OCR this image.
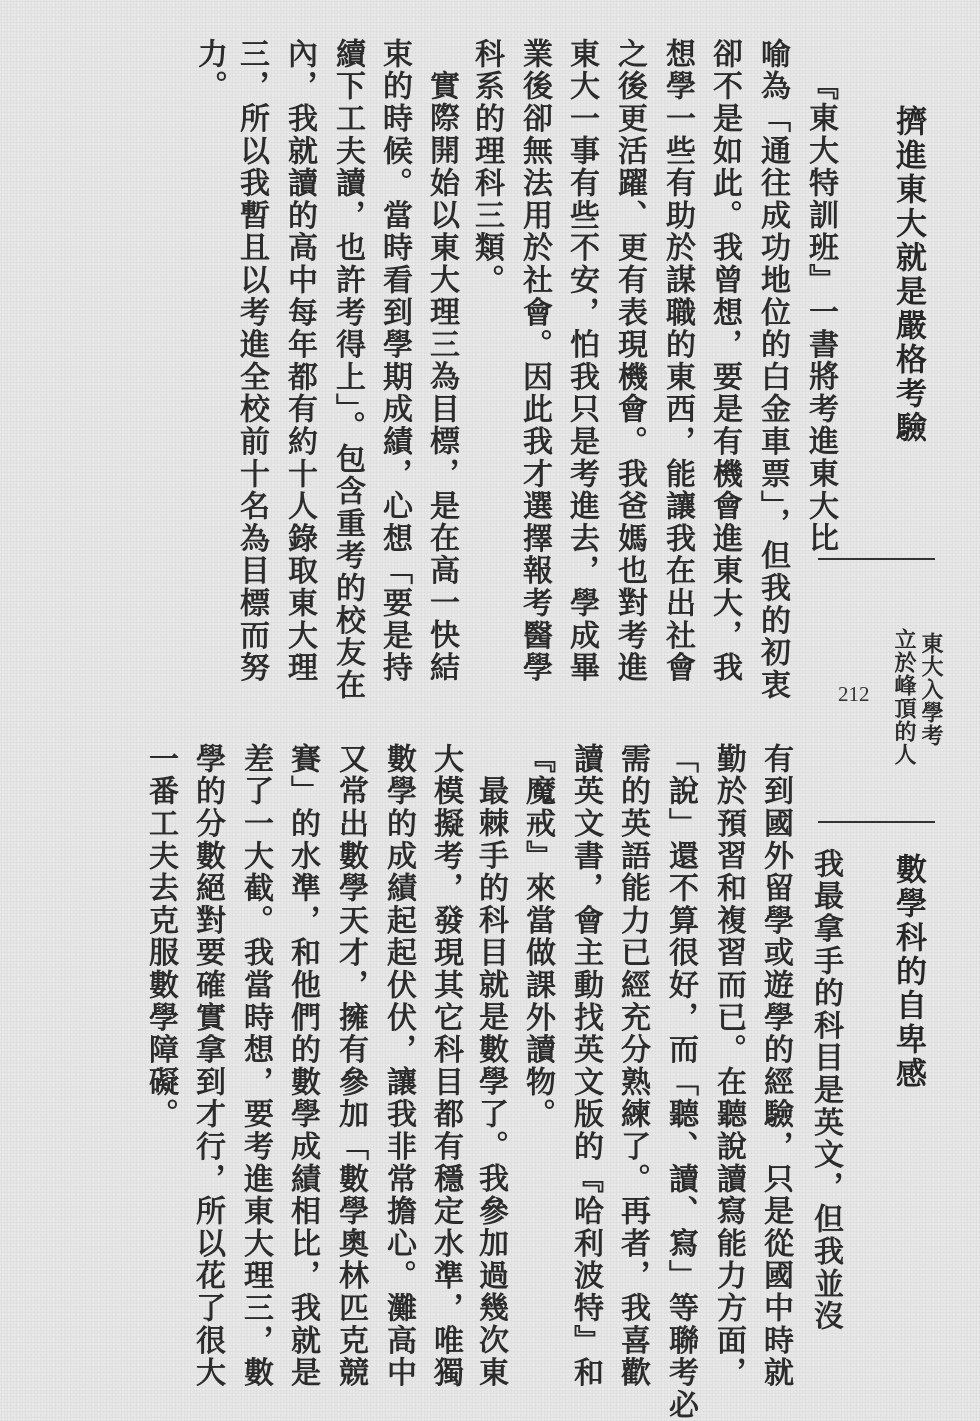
擠進東大就是嚴格考驗
『東大特訓班』一書將考進東大比
喻為「通往成功地位的白金車票」，但我的初衷
卻不是如此。我曾想，要是有機會進東大，我
想學一些有助於謀職的東西，能讓我在出社會
之後更活躍、更有表現機會。我爸媽也對考進
東大一事有些不安，怕我只是考進去，學成畢
業後卻無法用於社會。因此我才選擇報考醫學
科系的理科三類。
實際開始以東大理三為目標，是在高一快結
束的時候。當時看到學期成績，心想「要是持
續下工夫讀，也許考得上」。包含重考的校友在
內，我就讀的高中每年都有約十人錄取東大理
三，所以我暫且以考進全校前十名為目標而努
力。
東大入學考
立於峰頂的人
212
數學科的自卑感
我最拿手的科目是英文，但我並沒
有到國外留學或遊學的經驗，只是從國中時就
勤於預習和複習而已。在聽說讀寫能力方面，
「說」還不算很好，而「聽、讀、寫」等聯考必
需的英語能力已經充分熟練了。再者，我喜歡
讀英文書，會主動找英文版的『哈利波特』和
『魔戒』來當做課外讀物。
最棘手的科目就是數學了。我參加過幾次東
大模擬考，發現其它科目都有穩定水準，唯獨
數學的成績起起伏伏，讓我非常擔心。灘高中
又常出數學天才，擁有參加「數學奧林匹克競
賽」的水準，和他們的數學成績相比，我就是
差了一大截。我當時想，要考進東大理三，數
學的分數絕對要確實拿到才行，所以花了很大
一番工夫去克服數學障礙。
